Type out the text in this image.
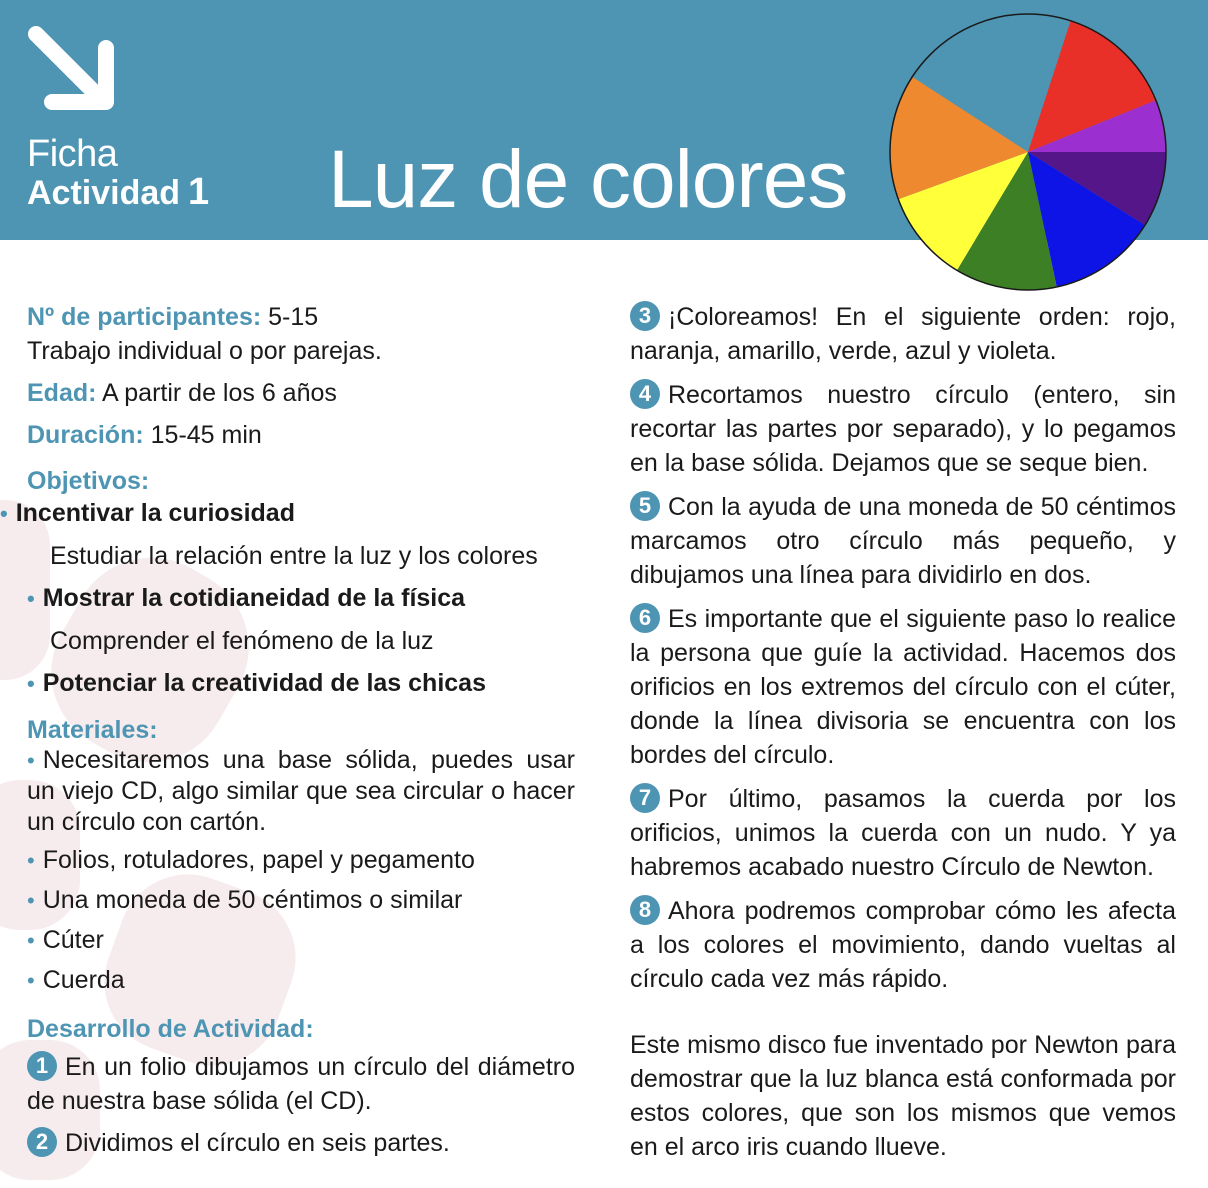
Ficha
Actividad 1 Luz de colores
Nº de participantes: 5-15
Trabajo individual o por parejas.
Edad: A partir de los 6 años
Duración: 15-45 min
Objetivos:
• Incentivar la curiosidad
Estudiar la relación entre la luz y los colores
• Mostrar la cotidianeidad de la física
Comprender el fenómeno de la luz
• Potenciar la creatividad de las chicas
Materiales:
• Necesitaremos una base sólida, puedes usar un viejo CD, algo similar que sea circular o hacer un círculo con cartón.
• Folios, rotuladores, papel y pegamento
• Una moneda de 50 céntimos o similar
• Cúter
• Cuerda
Desarrollo de Actividad:

1 En un folio dibujamos un círculo del diámetro de nuestra base sólida (el CD).

2 Dividimos el círculo en seis partes.

3 ¡Coloreamos! En el siguiente orden: rojo, naranja, amarillo, verde, azul y violeta.

4 Recortamos nuestro círculo (entero, sin recortar las partes por separado), y lo pegamos en la base sólida. Dejamos que se seque bien.

5 Con la ayuda de una moneda de 50 céntimos marcamos otro círculo más pequeño, y dibujamos una línea para dividirlo en dos.

6 Es importante que el siguiente paso lo realice la persona que guíe la actividad. Hacemos dos orificios en los extremos del círculo con el cúter, donde la línea divisoria se encuentra con los bordes del círculo.

7 Por último, pasamos la cuerda por los orificios, unimos la cuerda con un nudo. Y ya habremos acabado nuestro Círculo de Newton.

8 Ahora podremos comprobar cómo les afecta a los colores el movimiento, dando vueltas al círculo cada vez más rápido.

Este mismo disco fue inventado por Newton para demostrar que la luz blanca está conformada por estos colores, que son los mismos que vemos en el arco iris cuando llueve.
